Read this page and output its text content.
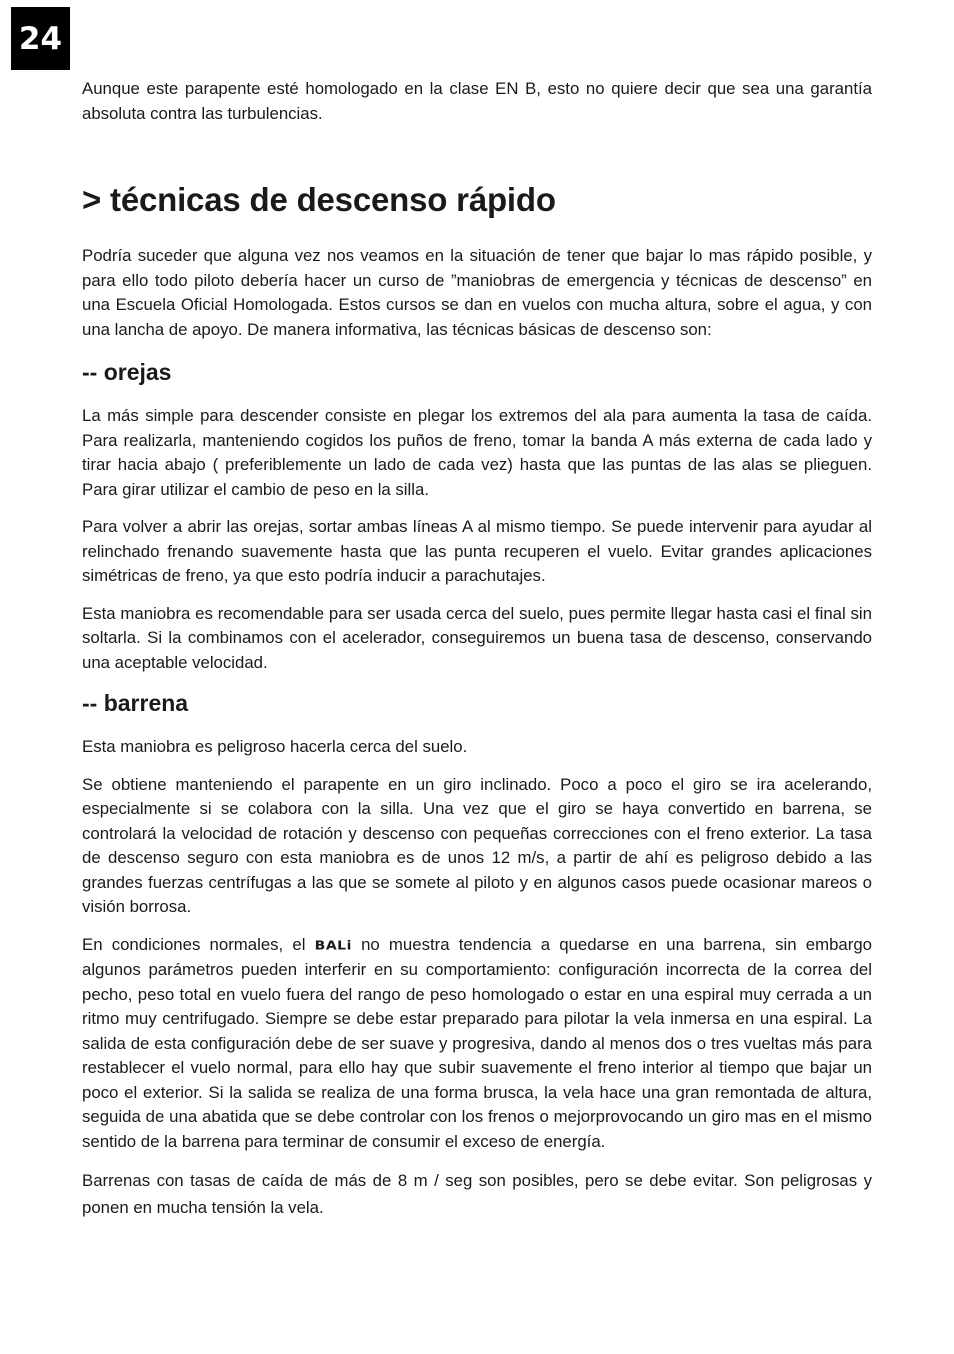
24

Aunque este parapente esté homologado en la clase EN B, esto no quiere decir que sea una garantía absoluta contra las turbulencias.

> técnicas de descenso rápido

Podría suceder que alguna vez nos veamos en la situación de tener que bajar lo mas rápido posible, y para ello todo piloto debería hacer un curso de ”maniobras de emergencia y técnicas de descenso” en una Escuela Oficial Homologada. Estos cursos se dan en vuelos con mucha altura, sobre el agua, y con una lancha de apoyo. De manera informativa, las técnicas básicas de descenso son:

-- orejas

La más simple para descender consiste en plegar los extremos del ala para aumenta la tasa de caída. Para realizarla, manteniendo cogidos los puños de freno, tomar la banda A más externa de cada lado y tirar hacia abajo ( preferiblemente un lado de cada vez) hasta que las puntas de las alas se plieguen. Para girar utilizar el cambio de peso en la silla.

Para volver a abrir las orejas, sortar ambas líneas A al mismo tiempo. Se puede intervenir para ayudar al relinchado frenando suavemente hasta que las punta recuperen el vuelo. Evitar grandes aplicaciones simétricas de freno, ya que esto podría inducir a parachutajes.

Esta maniobra es recomendable para ser usada cerca del suelo, pues permite llegar hasta casi el final sin soltarla. Si la combinamos con el acelerador, conseguiremos un buena tasa de descenso, conservando una aceptable velocidad.

-- barrena

Esta maniobra es peligroso hacerla cerca del suelo.

Se obtiene manteniendo el parapente en un giro inclinado. Poco a poco el giro se ira acelerando, especialmente si se colabora con la silla. Una vez que el giro se haya convertido en barrena, se controlará la velocidad de rotación y descenso con pequeñas correcciones con el freno exterior. La tasa de descenso seguro con esta maniobra es de unos 12 m/s, a partir de ahí es peligroso debido a las grandes fuerzas centrífugas a las que se somete al piloto y en algunos casos puede ocasionar mareos o visión borrosa.

En condiciones normales, el BALi no muestra tendencia a quedarse en una barrena, sin embargo algunos parámetros pueden interferir en su comportamiento: configuración incorrecta de la correa del pecho, peso total en vuelo fuera del rango de peso homologado o estar en una espiral muy cerrada a un ritmo muy centrifugado. Siempre se debe estar preparado para pilotar la vela inmersa en una espiral. La salida de esta configuración debe de ser suave y progresiva, dando al menos dos o tres vueltas más para restablecer el vuelo normal, para ello hay que subir suavemente el freno interior al tiempo que bajar un poco el exterior. Si la salida se realiza de una forma brusca, la vela hace una gran remontada de altura, seguida de una abatida que se debe controlar con los frenos o mejorprovocando un giro mas en el mismo sentido de la barrena para terminar de consumir el exceso de energía.

Barrenas con tasas de caída de más de 8 m / seg son posibles, pero se debe evitar. Son peligrosas y ponen en mucha tensión la vela.
